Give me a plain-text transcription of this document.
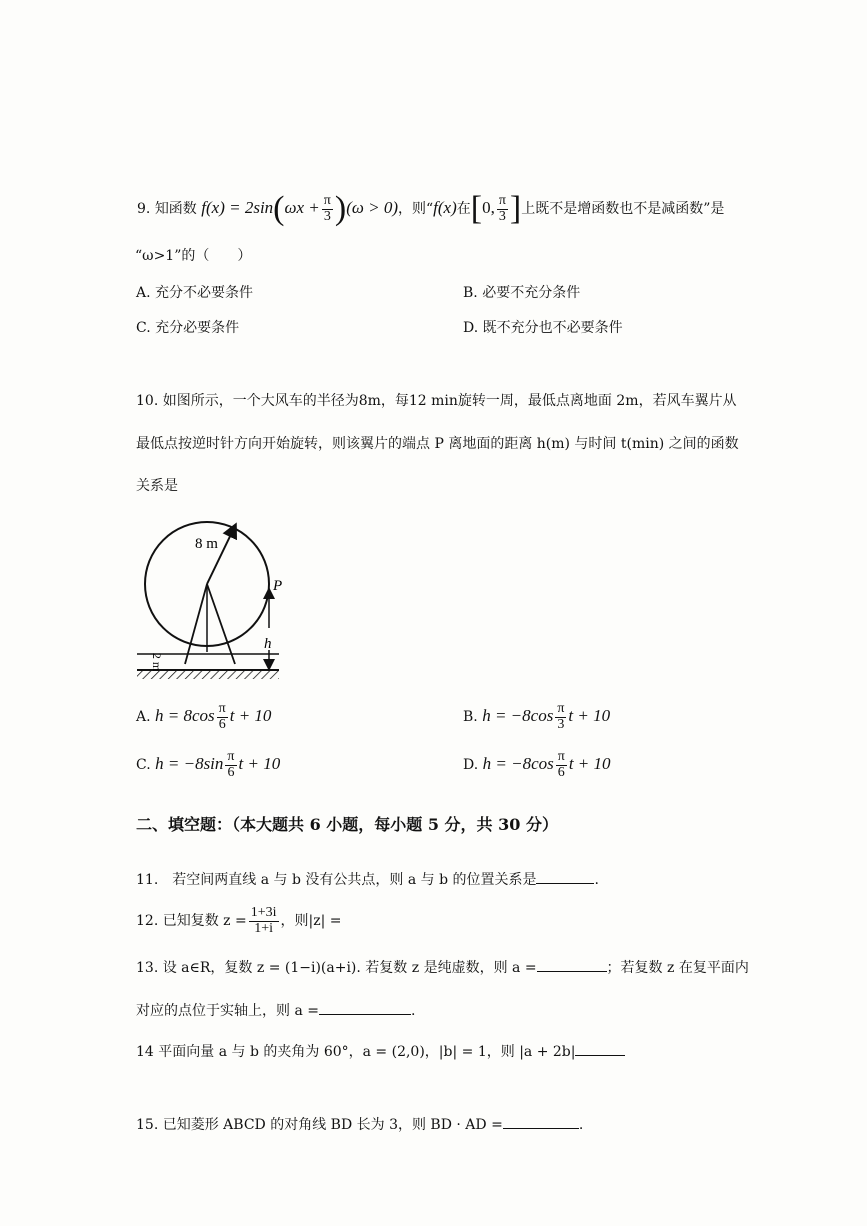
9. 知函数 $f(x) = 2\sin(\omega x + \frac{\pi}{3} )(\omega > 0)$，则“f(x)在[0, $\frac{\pi}{3}$ ]上既不是增函数也不是减函数”是
“ω>1”的（　　）
A. 充分不必要条件	B. 必要不充分条件
C. 充分必要条件	D. 既不充分也不必要条件
10. 如图所示，一个大风车的半径为8m，每12 min旋转一周，最低点离地面 2m，若风车翼片从
最低点按逆时针方向开始旋转，则该翼片的端点 P 离地面的距离 h(m) 与时间 t(min) 之间的函数
关系是
8 m
2 m
h
P
A. $h = 8\cos \frac{\pi}{6}$ t + 10	B. $h = -8\cos \frac{\pi}{3}$ t + 10
C. $h = -8\sin \frac{\pi}{6}$ t + 10	D. $h = -8\cos \frac{\pi}{6}$ t + 10
二、填空题：（本大题共 6 小题，每小题 5 分，共 30 分）
11.　若空间两直线 a 与 b 没有公共点，则 a 与 b 的位置关系是	.
12. 已知复数 $z = \frac{1+3i}{1+i}$ ，则|z| =
13. 设 a∈R，复数 z = (1−i)(a+i). 若复数 z 是纯虚数，则 a =	；若复数 z 在复平面内
对应的点位于实轴上，则 a =	.
14 平面向量 a 与 b 的夹角为 60°，a = (2,0)，|b| = 1，则 |a + 2b|
15. 已知菱形 ABCD 的对角线 BD 长为 3，则 BD · AD =	.
